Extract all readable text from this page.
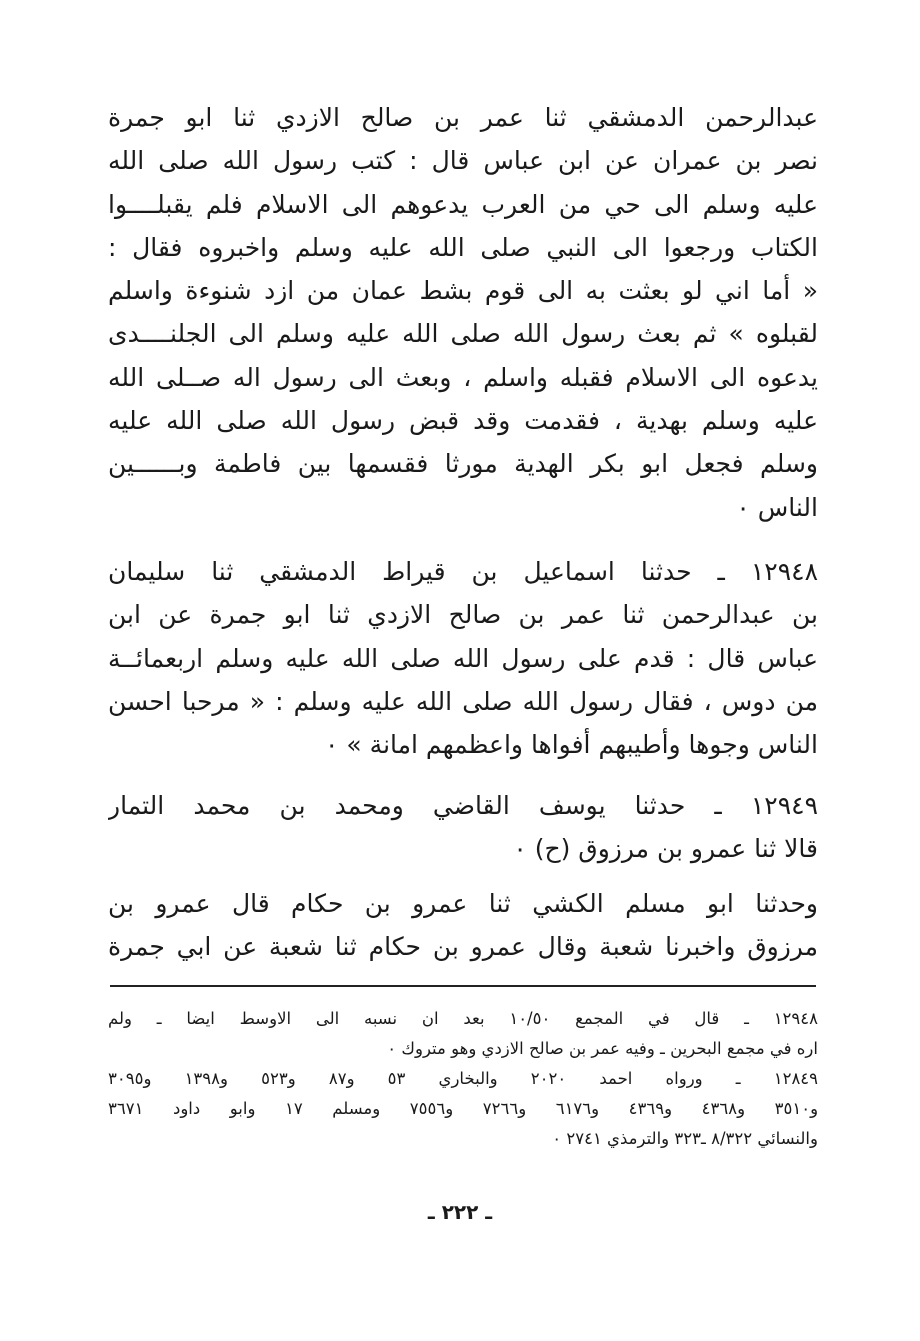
عبدالرحمن الدمشقي ثنا عمر بن صالح الازدي ثنا ابو جمرة
نصر بن عمران عن ابن عباس قال : كتب رسول الله صلى الله
عليه وسلم الى حي من العرب يدعوهم الى الاسلام فلم يقبلــــوا
الكتاب ورجعوا الى النبي صلى الله عليه وسلم واخبروه فقال :
« أما اني لو بعثت به الى قوم بشط عمان من ازد شنوءة واسلم
لقبلوه » ثم بعث رسول الله صلى الله عليه وسلم الى الجلنــــدى
يدعوه الى الاسلام فقبله واسلم ، وبعث الى رسول اله صــلى الله
عليه وسلم بهدية ، فقدمت وقد قبض رسول الله صلى الله عليه
وسلم فجعل ابو بكر الهدية مورثا فقسمها بين فاطمة وبــــــين
الناس ٠
١٢٩٤٨ ـ حدثنا اسماعيل بن قيراط الدمشقي ثنا سليمان
بن عبدالرحمن ثنا عمر بن صالح الازدي ثنا ابو جمرة عن ابن
عباس قال : قدم على رسول الله صلى الله عليه وسلم اربعمائــة
من دوس ، فقال رسول الله صلى الله عليه وسلم : « مرحبا احسن
الناس وجوها وأطيبهم أفواها واعظمهم امانة » ٠
١٢٩٤٩ ـ حدثنا يوسف القاضي ومحمد بن محمد التمار
قالا ثنا عمرو بن مرزوق (ح) ٠
وحدثنا ابو مسلم الكشي ثنا عمرو بن حكام قال عمرو بن
مرزوق واخبرنا شعبة وقال عمرو بن حكام ثنا شعبة عن ابي جمرة
١٢٩٤٨ ـ قال في المجمع ١٠/٥٠ بعد ان نسبه الى الاوسط ايضا ـ ولم
اره في مجمع البحرين ـ وفيه عمر بن صالح الازدي وهو متروك ٠
١٢٨٤٩ ـ ورواه احمد ٢٠٢٠ والبخاري ٥٣ و٨٧ و٥٢٣ و١٣٩٨ و٣٠٩٥
و٣٥١٠ و٤٣٦٨ و٤٣٦٩ و٦١٧٦ و٧٢٦٦ و٧٥٥٦ ومسلم ١٧ وابو داود ٣٦٧١
والنسائي ٨/٣٢٢ ـ٣٢٣ والترمذي ٢٧٤١ ٠
ـ ٢٢٢ ـ
